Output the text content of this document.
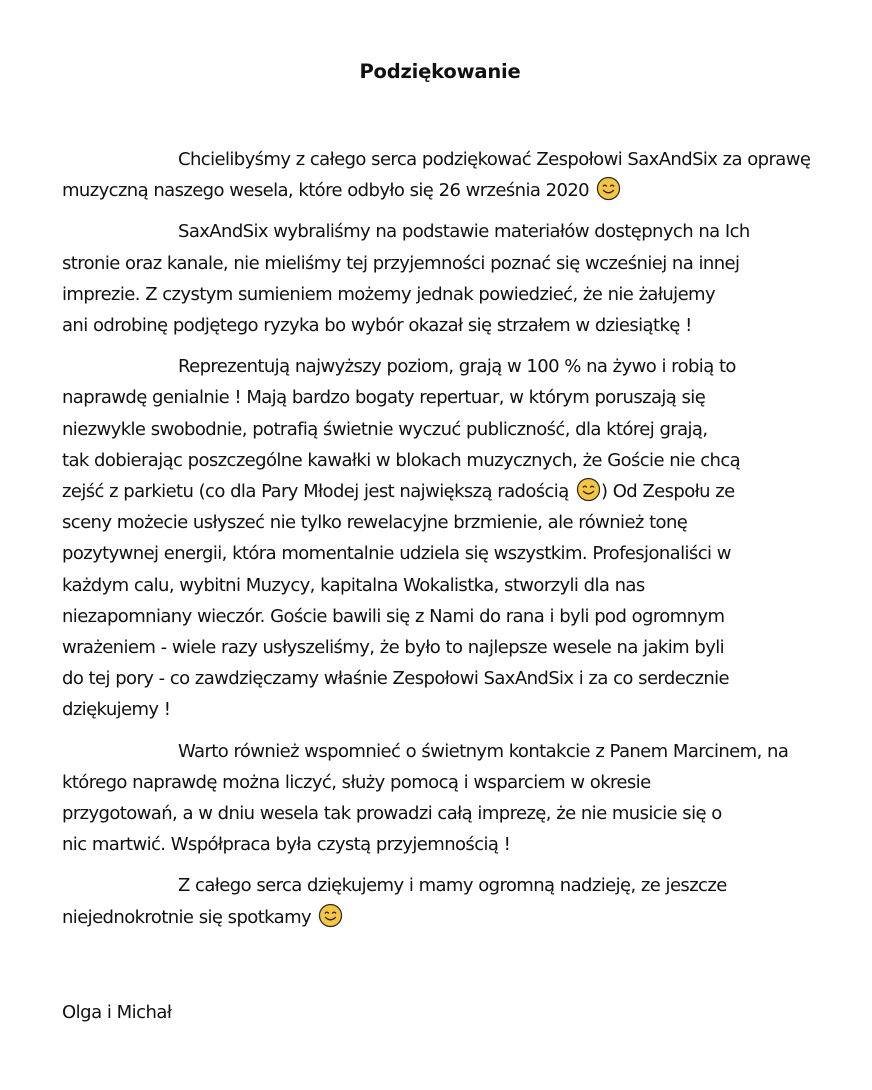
Podziękowanie
Chcielibyśmy z całego serca podziękować Zespołowi SaxAndSix za oprawę
muzyczną naszego wesela, które odbyło się 26 września 2020
SaxAndSix wybraliśmy na podstawie materiałów dostępnych na Ich
stronie oraz kanale, nie mieliśmy tej przyjemności poznać się wcześniej na innej
imprezie. Z czystym sumieniem możemy jednak powiedzieć, że nie żałujemy
ani odrobinę podjętego ryzyka bo wybór okazał się strzałem w dziesiątkę !
Reprezentują najwyższy poziom, grają w 100 % na żywo i robią to
naprawdę genialnie ! Mają bardzo bogaty repertuar, w którym poruszają się
niezwykle swobodnie, potrafią świetnie wyczuć publiczność, dla której grają,
tak dobierając poszczególne kawałki w blokach muzycznych, że Goście nie chcą
zejść z parkietu (co dla Pary Młodej jest największą radością ) Od Zespołu ze
sceny możecie usłyszeć nie tylko rewelacyjne brzmienie, ale również tonę
pozytywnej energii, która momentalnie udziela się wszystkim. Profesjonaliści w
każdym calu, wybitni Muzycy, kapitalna Wokalistka, stworzyli dla nas
niezapomniany wieczór. Goście bawili się z Nami do rana i byli pod ogromnym
wrażeniem - wiele razy usłyszeliśmy, że było to najlepsze wesele na jakim byli
do tej pory - co zawdzięczamy właśnie Zespołowi SaxAndSix i za co serdecznie
dziękujemy !
Warto również wspomnieć o świetnym kontakcie z Panem Marcinem, na
którego naprawdę można liczyć, służy pomocą i wsparciem w okresie
przygotowań, a w dniu wesela tak prowadzi całą imprezę, że nie musicie się o
nic martwić. Współpraca była czystą przyjemnością !
Z całego serca dziękujemy i mamy ogromną nadzieję, ze jeszcze
niejednokrotnie się spotkamy
Olga i Michał
